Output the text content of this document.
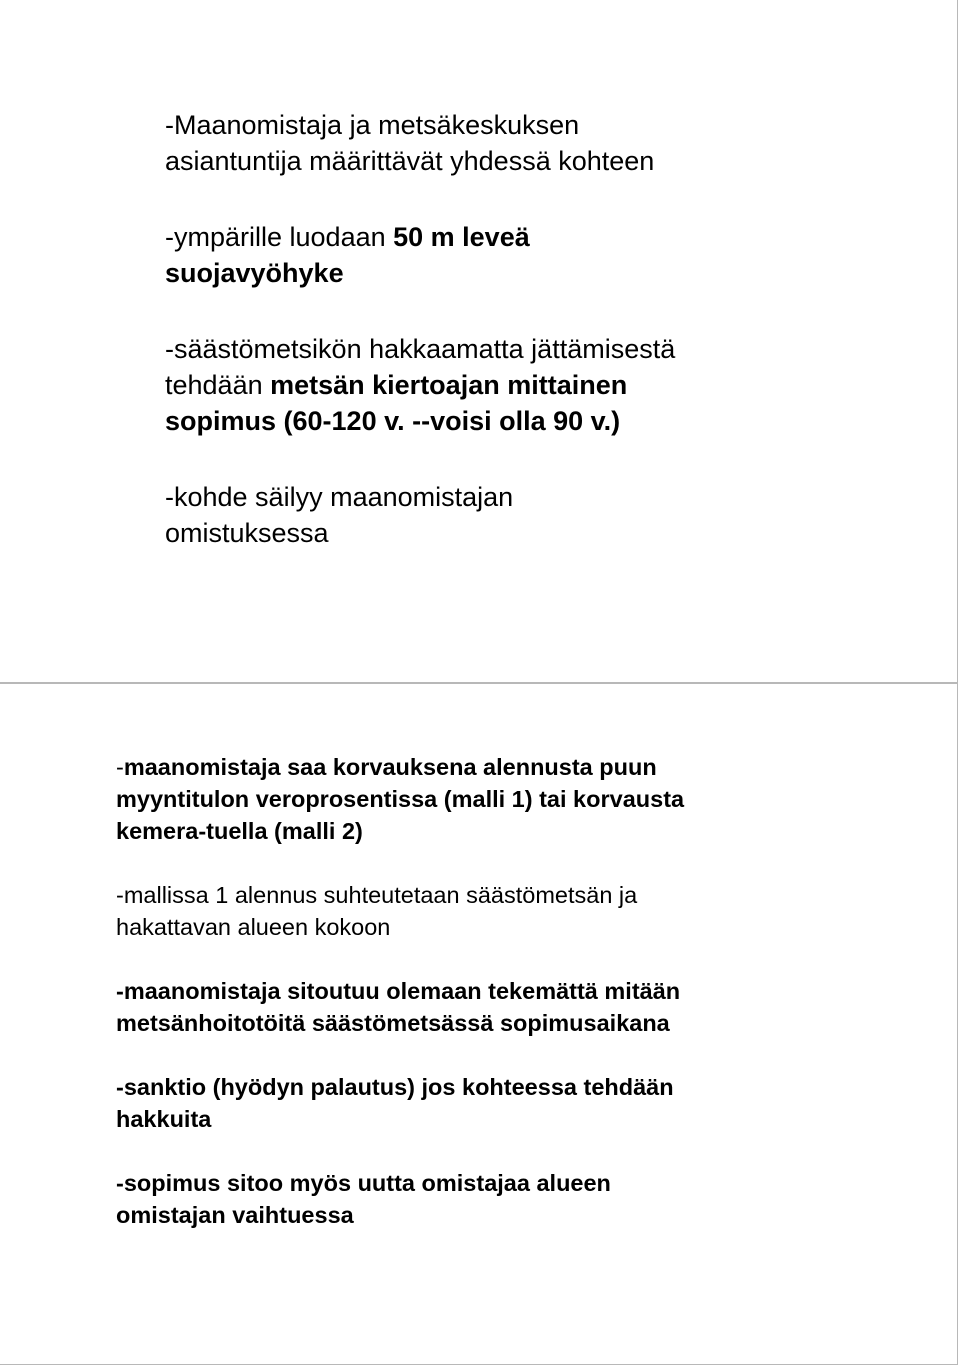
-Maanomistaja ja metsäkeskuksen
asiantuntija määrittävät yhdessä kohteen

-ympärille luodaan 50 m leveä
suojavyöhyke

-säästömetsikön hakkaamatta jättämisestä
tehdään metsän kiertoajan mittainen
sopimus (60-120 v. --voisi olla 90 v.)

-kohde säilyy maanomistajan
omistuksessa

-maanomistaja saa korvauksena alennusta puun
myyntitulon veroprosentissa (malli 1) tai korvausta
kemera-tuella (malli 2)

-mallissa 1 alennus suhteutetaan säästömetsän ja
hakattavan alueen kokoon

-maanomistaja sitoutuu olemaan tekemättä mitään
metsänhoitotöitä säästömetsässä sopimusaikana

-sanktio (hyödyn palautus) jos kohteessa tehdään
hakkuita

-sopimus sitoo myös uutta omistajaa alueen
omistajan vaihtuessa
